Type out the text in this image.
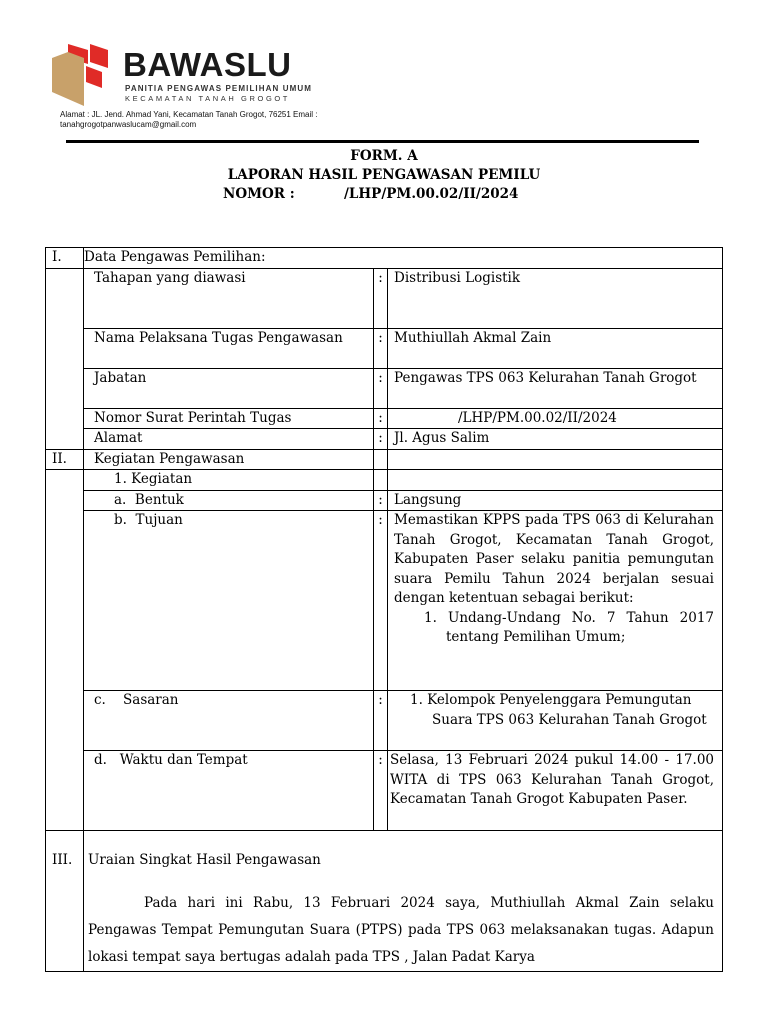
BAWASLU
PANITIA PENGAWAS PEMILIHAN UMUM
KECAMATAN TANAH GROGOT
Alamat : JL. Jend. Ahmad Yani, Kecamatan Tanah Grogot, 76251 Email :
tanahgrogotpanwaslucam@gmail.com
FORM. A
LAPORAN HASIL PENGAWASAN PEMILU
NOMOR :	/LHP/PM.00.02/II/2024
I.	Data Pengawas Pemilihan:		
	Tahapan yang diawasi	:	Distribusi Logistik
	Nama Pelaksana Tugas Pengawasan	:	Muthiullah Akmal Zain
	Jabatan	:	Pengawas TPS 063 Kelurahan Tanah Grogot
	Nomor Surat Perintah Tugas	:	/LHP/PM.00.02/II/2024
	Alamat	:	Jl. Agus Salim
II.	Kegiatan Pengawasan		
	1. Kegiatan		
	a.  Bentuk	:	Langsung
	b.  Tujuan	:	Memastikan KPPS pada TPS 063 di Kelurahan Tanah Grogot, Kecamatan Tanah Grogot, Kabupaten Paser selaku panitia pemungutan suara Pemilu Tahun 2024 berjalan sesuai dengan ketentuan sebagai berikut:
1. Undang-Undang No. 7 Tahun 2017 tentang Pemilihan Umum;

	c.    Sasaran	:	1. Kelompok Penyelenggara Pemungutan Suara TPS 063 Kelurahan Tanah Grogot
	d.   Waktu dan Tempat	:	Selasa, 13 Februari 2024 pukul 14.00 - 17.00 WITA di TPS 063 Kelurahan Tanah Grogot, Kecamatan Tanah Grogot Kabupaten Paser.
III.	Uraian Singkat Hasil Pengawasan
Pada hari ini Rabu, 13 Februari 2024 saya, Muthiullah Akmal Zain selaku Pengawas Tempat Pemungutan Suara (PTPS) pada TPS 063 melaksanakan tugas. Adapun lokasi tempat saya bertugas adalah pada TPS , Jalan Padat Karya		
